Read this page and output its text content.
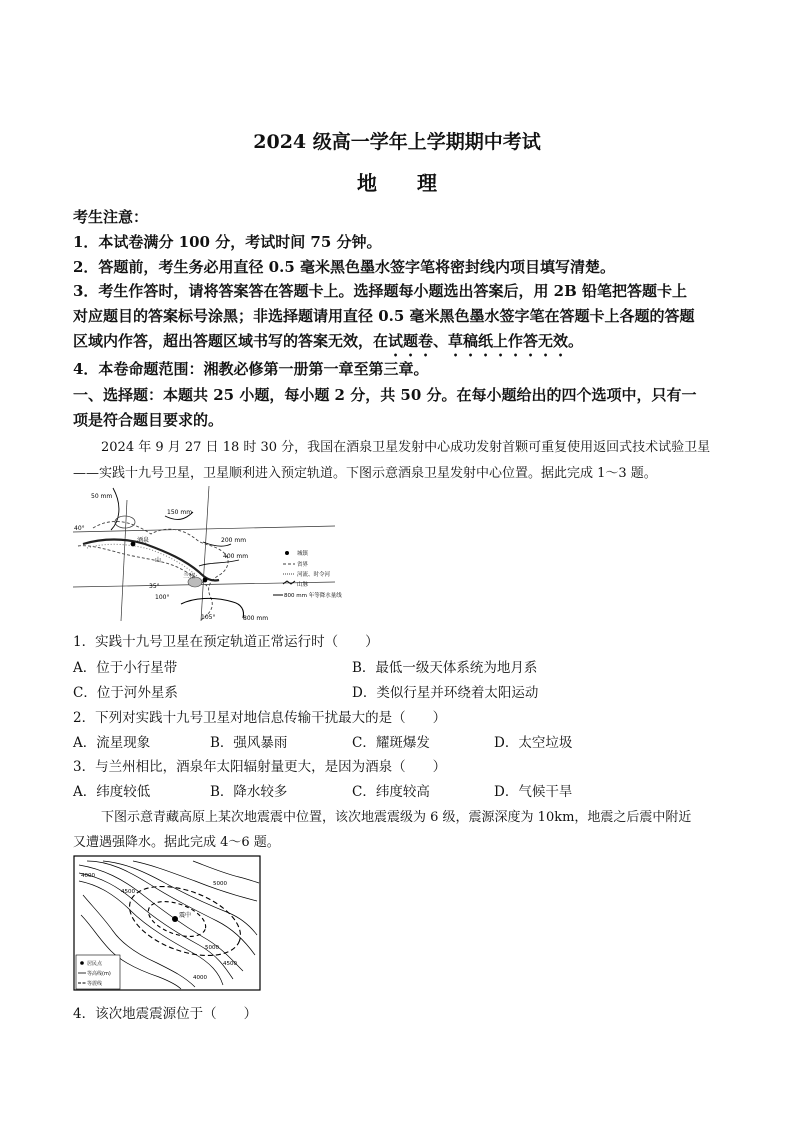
2024 级高一学年上学期期中考试
地　　理
考生注意：
1．本试卷满分 100 分，考试时间 75 分钟。
2．答题前，考生务必用直径 0.5 毫米黑色墨水签字笔将密封线内项目填写清楚。
3．考生作答时，请将答案答在答题卡上。选择题每小题选出答案后，用 2B 铅笔把答题卡上
对应题目的答案标号涂黑；非选择题请用直径 0.5 毫米黑色墨水签字笔在答题卡上各题的答题
区域内作答，超出答题区域书写的答案无效，在试题卷、草稿纸上作答无效。
4．本卷命题范围：湘教必修第一册第一章至第三章。
一、选择题：本题共 25 小题，每小题 2 分，共 50 分。在每小题给出的四个选项中，只有一
项是符合题目要求的。
2024 年 9 月 27 日 18 时 30 分，我国在酒泉卫星发射中心成功发射首颗可重复使用返回式技术试验卫星
——实践十九号卫星，卫星顺利进入预定轨道。下图示意酒泉卫星发射中心位置。据此完成 1～3 题。
50 mm
40°
35°
100°
105°
150 mm
200 mm
400 mm
800 mm
酒泉
兰州
山
城镇
省界
河流、时令河
山脉
800 mm 年等降水量线
1．实践十九号卫星在预定轨道正常运行时（　　）
A．位于小行星带	B．最低一级天体系统为地月系
C．位于河外星系	D．类似行星并环绕着太阳运动
2．下列对实践十九号卫星对地信息传输干扰最大的是（　　）
A．流星现象	B．强风暴雨	C．耀斑爆发	D．太空垃圾
3．与兰州相比，酒泉年太阳辐射量更大，是因为酒泉（　　）
A．纬度较低	B．降水较多	C．纬度较高	D．气候干旱
下图示意青藏高原上某次地震震中位置，该次地震震级为 6 级，震源深度为 10km，地震之后震中附近
又遭遇强降水。据此完成 4～6 题。
震中
4000
4500
5000
4000
4500
5000
居民点
等高线(m)
等震线
4．该次地震震源位于（　　）
